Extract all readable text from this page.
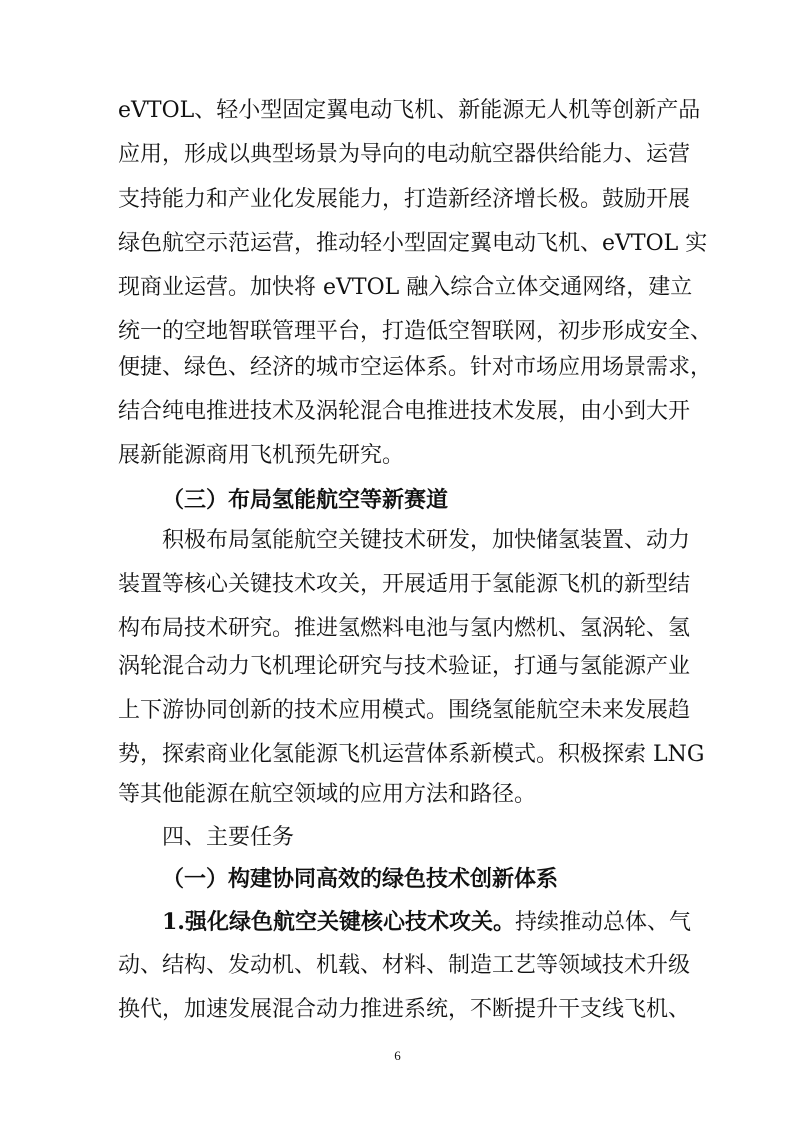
eVTOL、轻小型固定翼电动飞机、新能源无人机等创新产品
应用，形成以典型场景为导向的电动航空器供给能力、运营
支持能力和产业化发展能力，打造新经济增长极。鼓励开展
绿色航空示范运营，推动轻小型固定翼电动飞机、eVTOL 实
现商业运营。加快将 eVTOL 融入综合立体交通网络，建立
统一的空地智联管理平台，打造低空智联网，初步形成安全、
便捷、绿色、经济的城市空运体系。针对市场应用场景需求，
结合纯电推进技术及涡轮混合电推进技术发展，由小到大开
展新能源商用飞机预先研究。
（三）布局氢能航空等新赛道
积极布局氢能航空关键技术研发，加快储氢装置、动力
装置等核心关键技术攻关，开展适用于氢能源飞机的新型结
构布局技术研究。推进氢燃料电池与氢内燃机、氢涡轮、氢
涡轮混合动力飞机理论研究与技术验证，打通与氢能源产业
上下游协同创新的技术应用模式。围绕氢能航空未来发展趋
势，探索商业化氢能源飞机运营体系新模式。积极探索 LNG
等其他能源在航空领域的应用方法和路径。
四、主要任务
（一）构建协同高效的绿色技术创新体系
1.强化绿色航空关键核心技术攻关。持续推动总体、气
动、结构、发动机、机载、材料、制造工艺等领域技术升级
换代，加速发展混合动力推进系统，不断提升干支线飞机、
6
